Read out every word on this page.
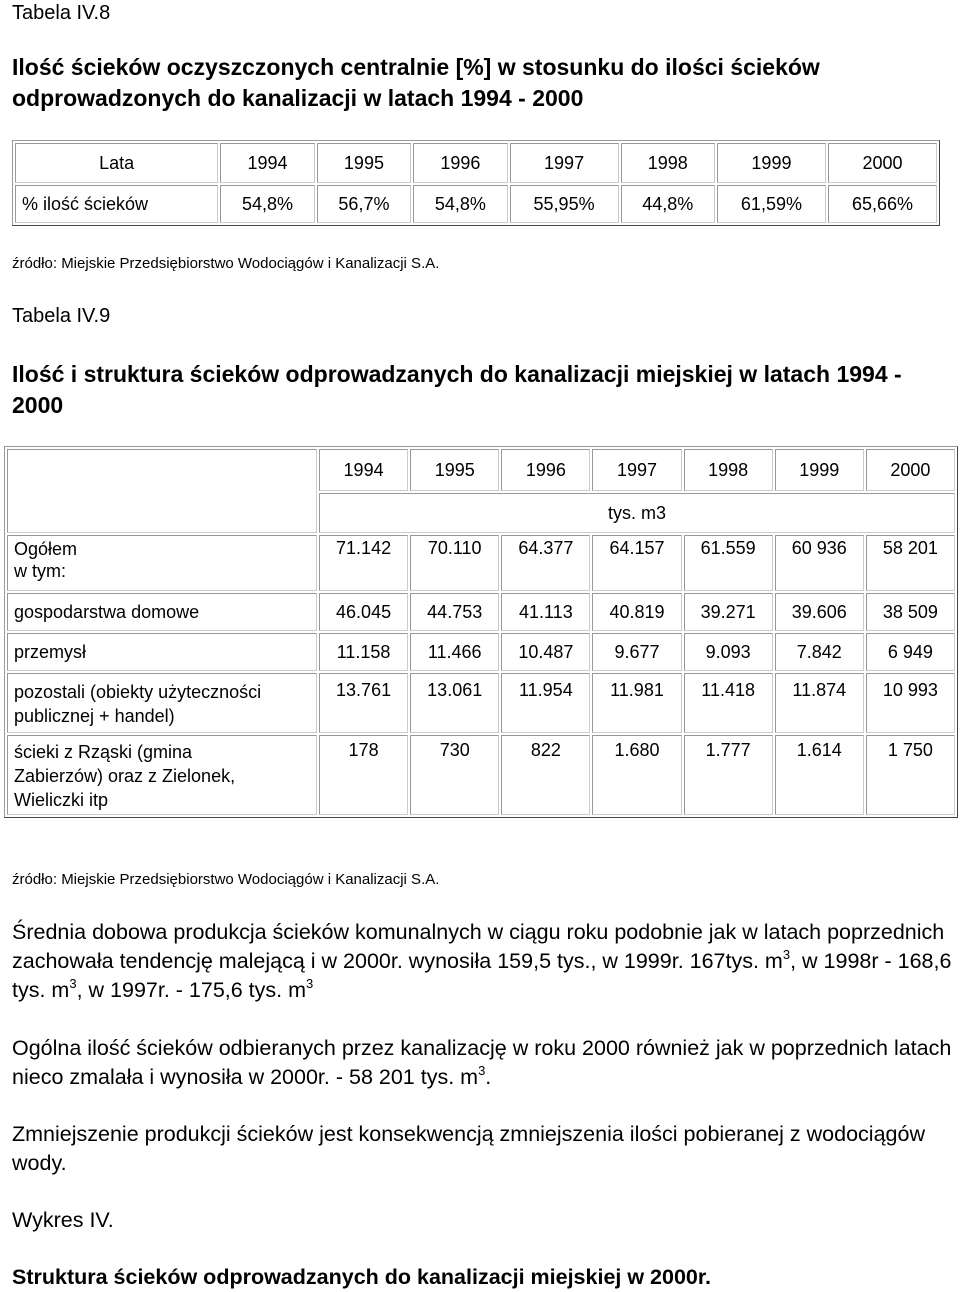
Tabela IV.8
Ilość ścieków oczyszczonych centralnie [%] w stosunku do ilości ścieków odprowadzonych do kanalizacji w latach 1994 - 2000
Lata	1994	1995	1996	1997	1998	1999	2000
% ilość ścieków	54,8%	56,7%	54,8%	55,95%	44,8%	61,59%	65,66%
źródło: Miejskie Przedsiębiorstwo Wodociągów i Kanalizacji S.A.
Tabela IV.9
Ilość i struktura ścieków odprowadzanych do kanalizacji miejskiej w latach 1994 - 2000
	1994	1995	1996	1997	1998	1999	2000
	tys. m3						
Ogółem
w tym:	71.142	70.110	64.377	64.157	61.559	60 936	58 201
gospodarstwa domowe	46.045	44.753	41.113	40.819	39.271	39.606	38 509
przemysł	11.158	11.466	10.487	9.677	9.093	7.842	6 949
pozostali (obiekty użyteczności
publicznej + handel)	13.761	13.061	11.954	11.981	11.418	11.874	10 993
ścieki z Rząski (gmina
Zabierzów) oraz z Zielonek,
Wieliczki itp	178	730	822	1.680	1.777	1.614	1 750
źródło: Miejskie Przedsiębiorstwo Wodociągów i Kanalizacji S.A.
Średnia dobowa produkcja ścieków komunalnych w ciągu roku podobnie jak w latach poprzednich zachowała tendencję malejącą i w 2000r. wynosiła 159,5 tys., w 1999r. 167tys. $m^3$, w 1998r - 168,6 tys. $m^3$, w 1997r. - 175,6 tys. $m^3$
Ogólna ilość ścieków odbieranych przez kanalizację w roku 2000 również jak w poprzednich latach nieco zmalała i wynosiła w 2000r. - 58 201 tys. $m^3$.
Zmniejszenie produkcji ścieków jest konsekwencją zmniejszenia ilości pobieranej z wodociągów wody.
Wykres IV.
Struktura ścieków odprowadzanych do kanalizacji miejskiej w 2000r.
